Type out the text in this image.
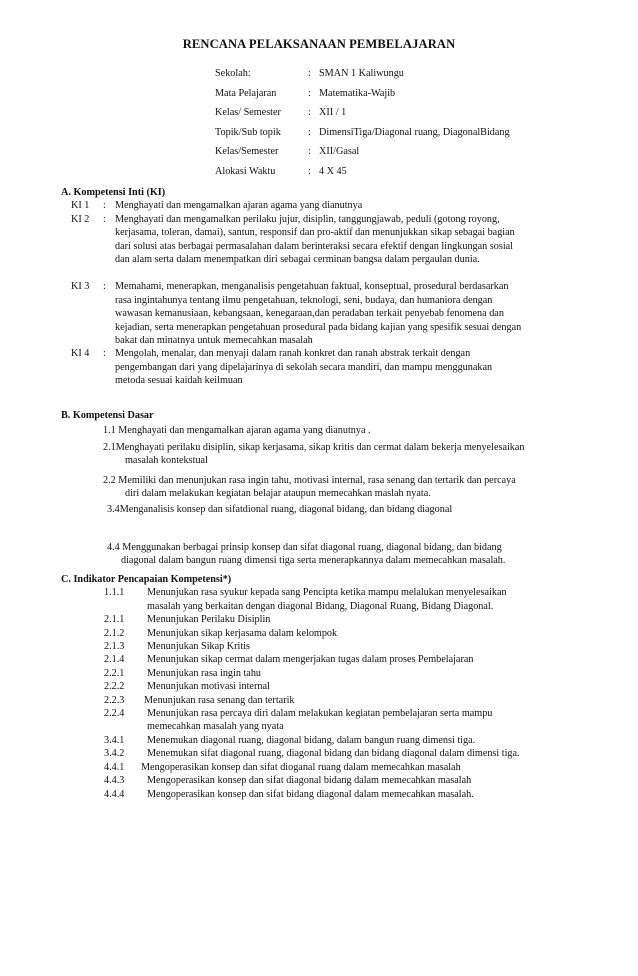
RENCANA PELAKSANAAN PEMBELAJARAN
Sekolah:	: SMAN 1 Kaliwungu
Mata Pelajaran	: Matematika-Wajib
Kelas/ Semester	: XII / 1
Topik/Sub topik	: DimensiTiga/Diagonal ruang, DiagonalBidang
Kelas/Semester	: XII/Gasal
Alokasi Waktu	: 4 X 45
A. Kompetensi Inti (KI)
KI 1	: Menghayati dan mengamalkan ajaran agama yang dianutnya
KI 2	: Menghayati dan mengamalkan perilaku jujur, disiplin, tanggungjawab, peduli (gotong royong,
kerjasama, toleran, damai), santun, responsif dan pro-aktif dan menunjukkan sikap sebagai bagian
dari solusi atas berbagai permasalahan dalam berinteraksi secara efektif dengan lingkungan sosial
dan alam serta dalam menempatkan diri sebagai cerminan bangsa dalam pergaulan dunia.
KI 3	: Memahami, menerapkan, menganalisis pengetahuan faktual, konseptual, prosedural berdasarkan
rasa ingintahunya tentang ilmu pengetahuan, teknologi, seni, budaya, dan humaniora dengan
wawasan kemanusiaan, kebangsaan, kenegaraan,dan peradaban terkait penyebab fenomena dan
kejadian, serta menerapkan pengetahuan prosedural pada bidang kajian yang spesifik sesuai dengan
bakat dan minatnya untuk memecahkan masalah
KI 4	: Mengolah, menalar, dan menyaji dalam ranah konkret dan ranah abstrak terkait dengan
pengembangan dari yang dipelajarinya di sekolah secara mandiri, dan mampu menggunakan
metoda sesuai kaidah keilmuan
B. Kompetensi Dasar
1.1 Menghayati dan mengamalkan ajaran agama yang dianutnya .
2.1Menghayati perilaku disiplin, sikap kerjasama, sikap kritis dan cermat dalam bekerja menyelesaikan
masalah kontekstual
2.2 Memiliki dan menunjukan rasa ingin tahu, motivasi internal, rasa senang dan tertarik dan percaya
diri dalam melakukan kegiatan belajar ataupun memecahkan maslah nyata.
3.4Menganalisis konsep dan sifatdional ruang, diagonal bidang, dan bidang diagonal
4.4 Menggunakan berbagai prinsip konsep dan sifat diagonal ruang, diagonal bidang, dan bidang
diagonal dalam bangun ruang dimensi tiga serta menerapkannya dalam memecahkan masalah.
C. Indikator Pencapaian Kompetensi*)
1.1.1	Menunjukan rasa syukur kepada sang Pencipta ketika mampu melalukan menyelesaikan
masalah yang berkaitan dengan diagonal Bidang, Diagonal Ruang, Bidang Diagonal.
2.1.1	Menunjukan Perilaku Disiplin
2.1.2	Menunjukan sikap kerjasama dalam kelompok
2.1.3	Menunjukan Sikap Kritis
2.1.4	Menunjukan sikap cermat dalam mengerjakan tugas dalam proses Pembelajaran
2.2.1	Menunjukan rasa ingin tahu
2.2.2	Menunjukan motivasi internal
2.2.3	Menunjukan rasa senang dan tertarik
2.2.4	Menunjukan rasa percaya diri dalam melakukan kegiatan pembelajaran serta mampu
memecahkan masalah yang nyata
3.4.1	Menemukan diagonal ruang, diagonal bidang, dalam bangun ruang dimensi tiga.
3.4.2	Menemukan sifat diagonal ruang, diagonal bidang dan bidang diagonal dalam dimensi tiga.
4.4.1	Mengoperasikan konsep dan sifat dioganal ruang dalam memecahkan masalah
4.4.3	Mengoperasikan konsep dan sifat diagonal bidang dalam memecahkan masalah
4.4.4	Mengoperasikan konsep dan sifat bidang diagonal dalam memecahkan masalah.
